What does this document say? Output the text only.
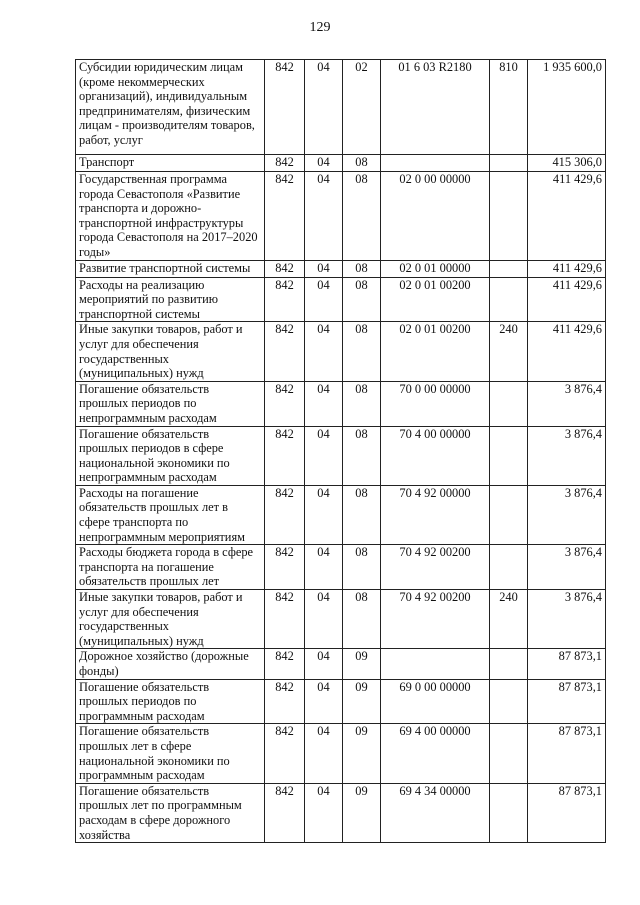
129
Субсидии юридическим лицам (кроме некоммерческих организаций), индивидуальным предпринимателям, физическим лицам - производителям товаров, работ, услуг	842	04	02	01 6 03 R2180	810	1 935 600,0
Транспорт	842	04	08			415 306,0
Государственная программа города Севастополя «Развитие транспорта и дорожно-транспортной инфраструктуры города Севастополя на 2017–2020 годы»	842	04	08	02 0 00 00000		411 429,6
Развитие транспортной системы	842	04	08	02 0 01 00000		411 429,6
Расходы на реализацию мероприятий по развитию транспортной системы	842	04	08	02 0 01 00200		411 429,6
Иные закупки товаров, работ и услуг для обеспечения государственных (муниципальных) нужд	842	04	08	02 0 01 00200	240	411 429,6
Погашение обязательств прошлых периодов по непрограммным расходам	842	04	08	70 0 00 00000		3 876,4
Погашение обязательств прошлых периодов в сфере национальной экономики по непрограммным расходам	842	04	08	70 4 00 00000		3 876,4
Расходы на погашение обязательств прошлых лет в сфере транспорта по непрограммным мероприятиям	842	04	08	70 4 92 00000		3 876,4
Расходы бюджета города в сфере транспорта на погашение обязательств прошлых лет	842	04	08	70 4 92 00200		3 876,4
Иные закупки товаров, работ и услуг для обеспечения государственных (муниципальных) нужд	842	04	08	70 4 92 00200	240	3 876,4
Дорожное хозяйство (дорожные фонды)	842	04	09			87 873,1
Погашение обязательств прошлых периодов по программным расходам	842	04	09	69 0 00 00000		87 873,1
Погашение обязательств прошлых лет в сфере национальной экономики по программным расходам	842	04	09	69 4 00 00000		87 873,1
Погашение обязательств прошлых лет по программным расходам в сфере дорожного хозяйства	842	04	09	69 4 34 00000		87 873,1
